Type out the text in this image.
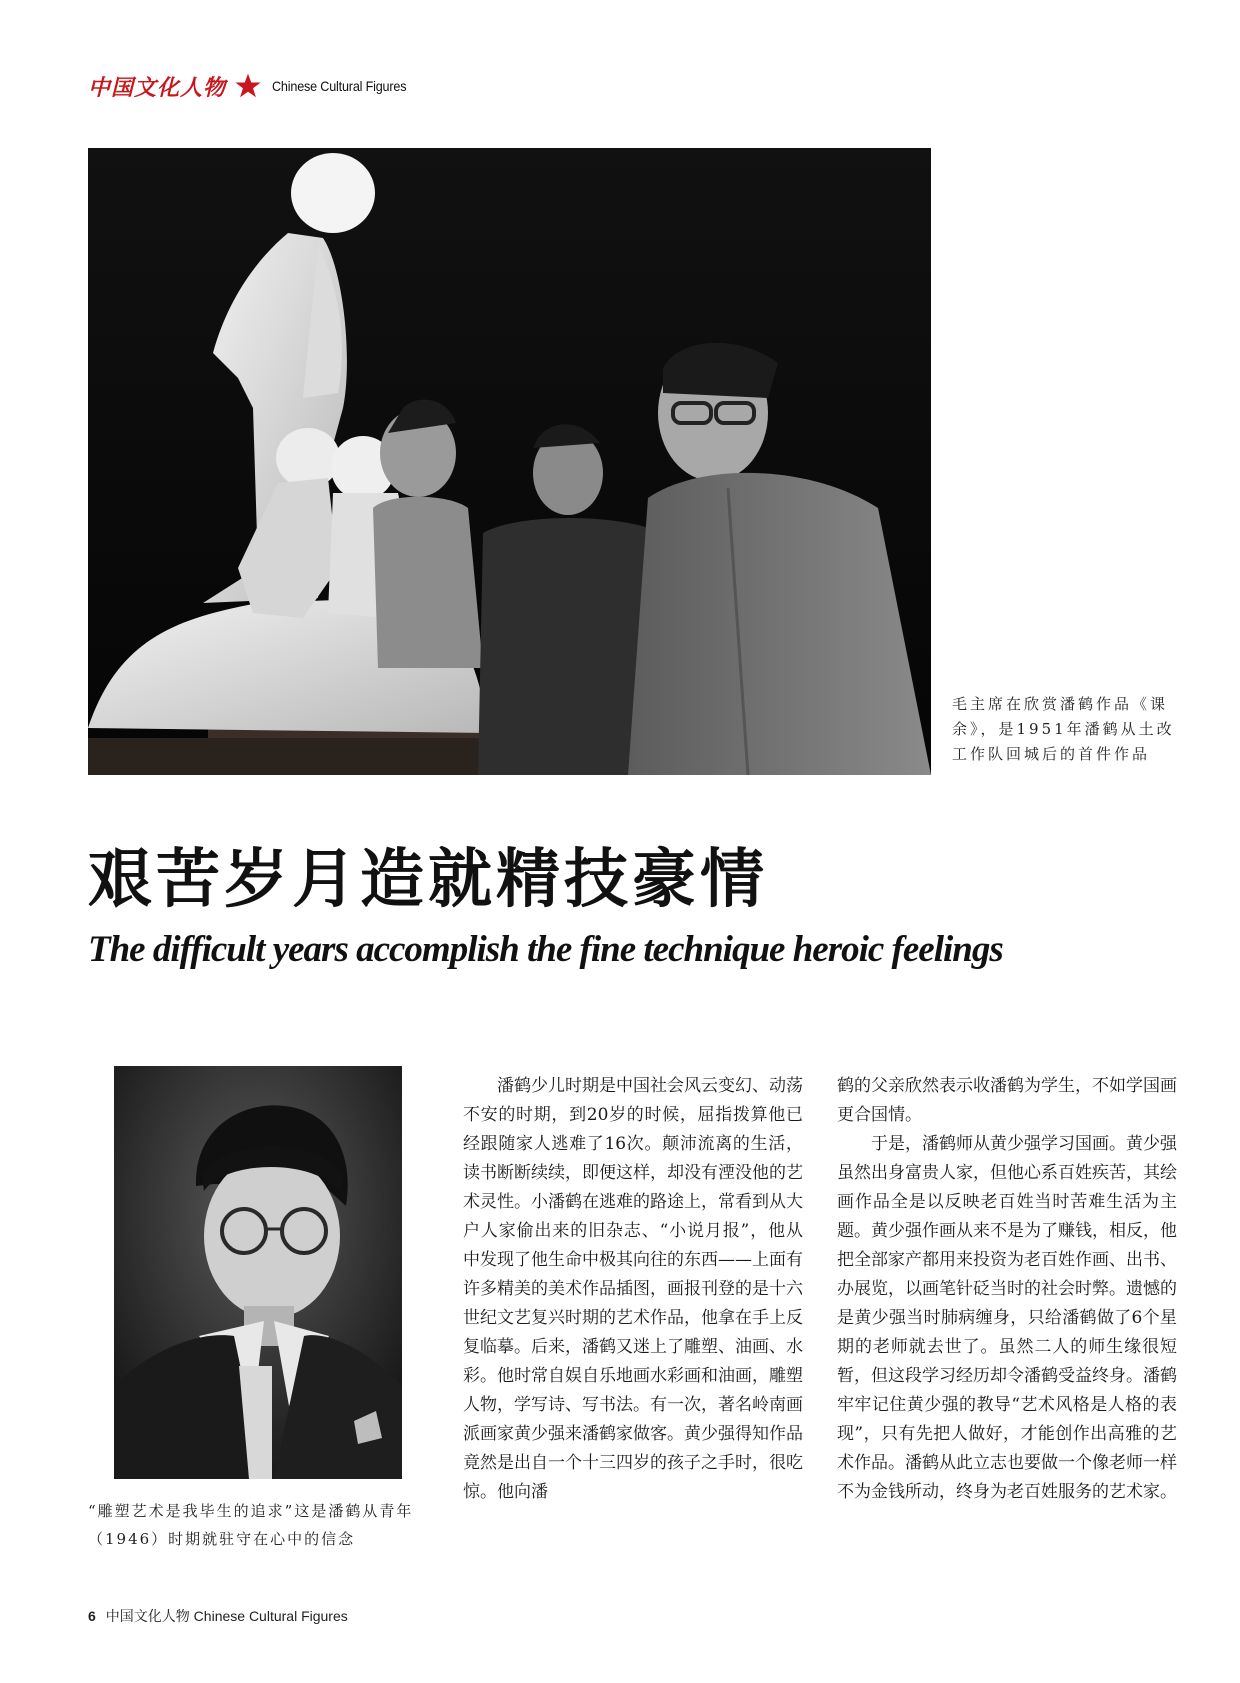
中国文化人物	Chinese Cultural Figures
毛主席在欣赏潘鹤作品《课余》，是1951年潘鹤从土改工作队回城后的首件作品
艰苦岁月造就精技豪情
The difficult years accomplish the fine technique heroic feelings
“雕塑艺术是我毕生的追求”这是潘鹤从青年（1946）时期就驻守在心中的信念

　　潘鹤少儿时期是中国社会风云变幻、动荡不安的时期，到20岁的时候，屈指拨算他已经跟随家人逃难了16次。颠沛流离的生活，读书断断续续，即便这样，却没有湮没他的艺术灵性。小潘鹤在逃难的路途上，常看到从大户人家偷出来的旧杂志、“小说月报”，他从中发现了他生命中极其向往的东西——上面有许多精美的美术作品插图，画报刊登的是十六世纪文艺复兴时期的艺术作品，他拿在手上反复临摹。后来，潘鹤又迷上了雕塑、油画、水彩。他时常自娱自乐地画水彩画和油画，雕塑人物，学写诗、写书法。有一次，著名岭南画派画家黄少强来潘鹤家做客。黄少强得知作品竟然是出自一个十三四岁的孩子之手时，很吃惊。他向潘

鹤的父亲欣然表示收潘鹤为学生，不如学国画更合国情。

　　于是，潘鹤师从黄少强学习国画。黄少强虽然出身富贵人家，但他心系百姓疾苦，其绘画作品全是以反映老百姓当时苦难生活为主题。黄少强作画从来不是为了赚钱，相反，他把全部家产都用来投资为老百姓作画、出书、办展览，以画笔针砭当时的社会时弊。遗憾的是黄少强当时肺病缠身，只给潘鹤做了6个星期的老师就去世了。虽然二人的师生缘很短暂，但这段学习经历却令潘鹤受益终身。潘鹤牢牢记住黄少强的教导“艺术风格是人格的表现”，只有先把人做好，才能创作出高雅的艺术作品。潘鹤从此立志也要做一个像老师一样不为金钱所动，终身为老百姓服务的艺术家。

6 中国文化人物 Chinese Cultural Figures
